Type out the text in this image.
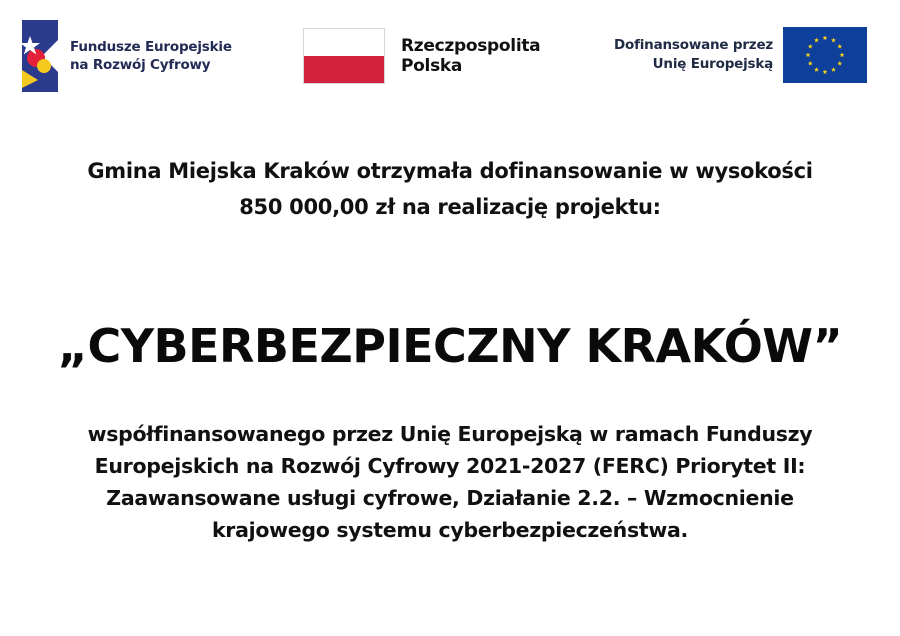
Fundusze Europejskie
na Rozwój Cyfrowy
Rzeczpospolita
Polska
Dofinansowane przez
Unię Europejską
Gmina Miejska Kraków otrzymała dofinansowanie w wysokości
850 000,00 zł na realizację projektu:
„CYBERBEZPIECZNY KRAKÓW”
współfinansowanego przez Unię Europejską w ramach Funduszy
Europejskich na Rozwój Cyfrowy 2021-2027 (FERC) Priorytet II:
Zaawansowane usługi cyfrowe, Działanie 2.2. – Wzmocnienie
krajowego systemu cyberbezpieczeństwa.
